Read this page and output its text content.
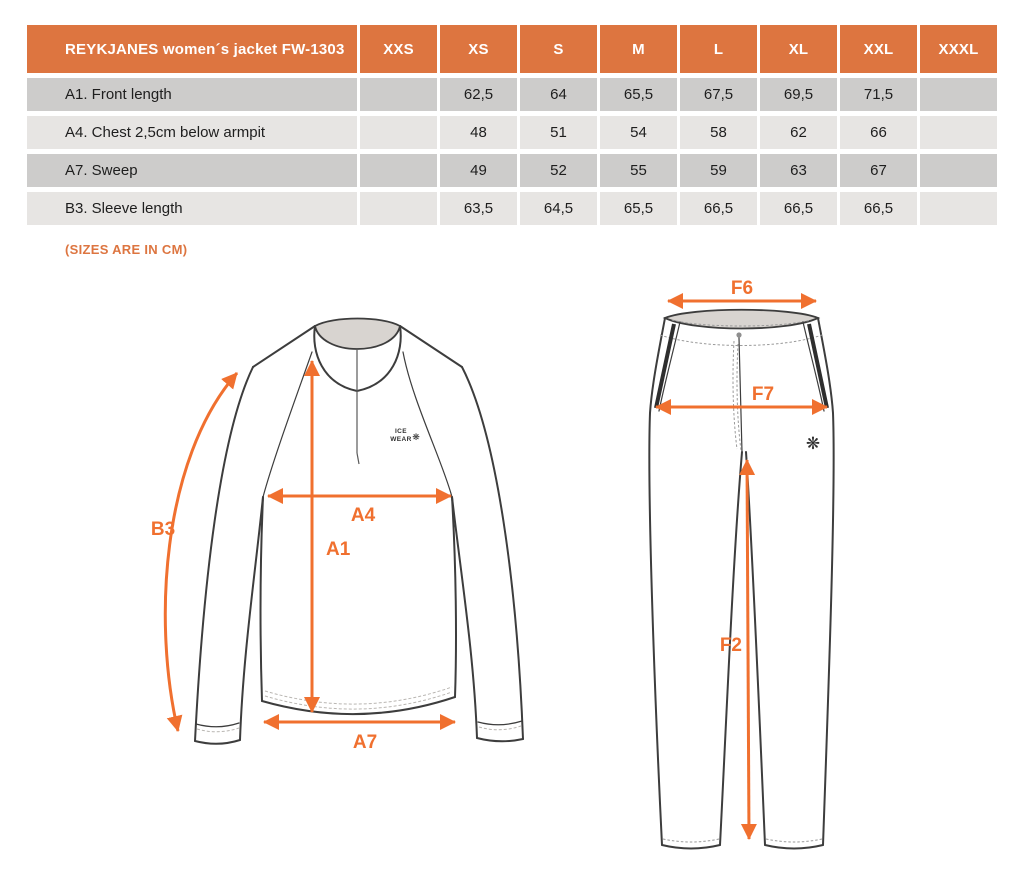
REYKJANES women´s jacket FW-1303	XXS	XS	S	M	L	XL	XXL	XXXL
A1. Front length		62,5	64	65,5	67,5	69,5	71,5	
A4. Chest 2,5cm below armpit		48	51	54	58	62	66	
A7. Sweep		49	52	55	59	63	67	
B3. Sleeve length		63,5	64,5	65,5	66,5	66,5	66,5	
(SIZES ARE IN CM)
ICE
WEAR ❋
B3
A4
A1
A7
❋
F6
F7
F2
